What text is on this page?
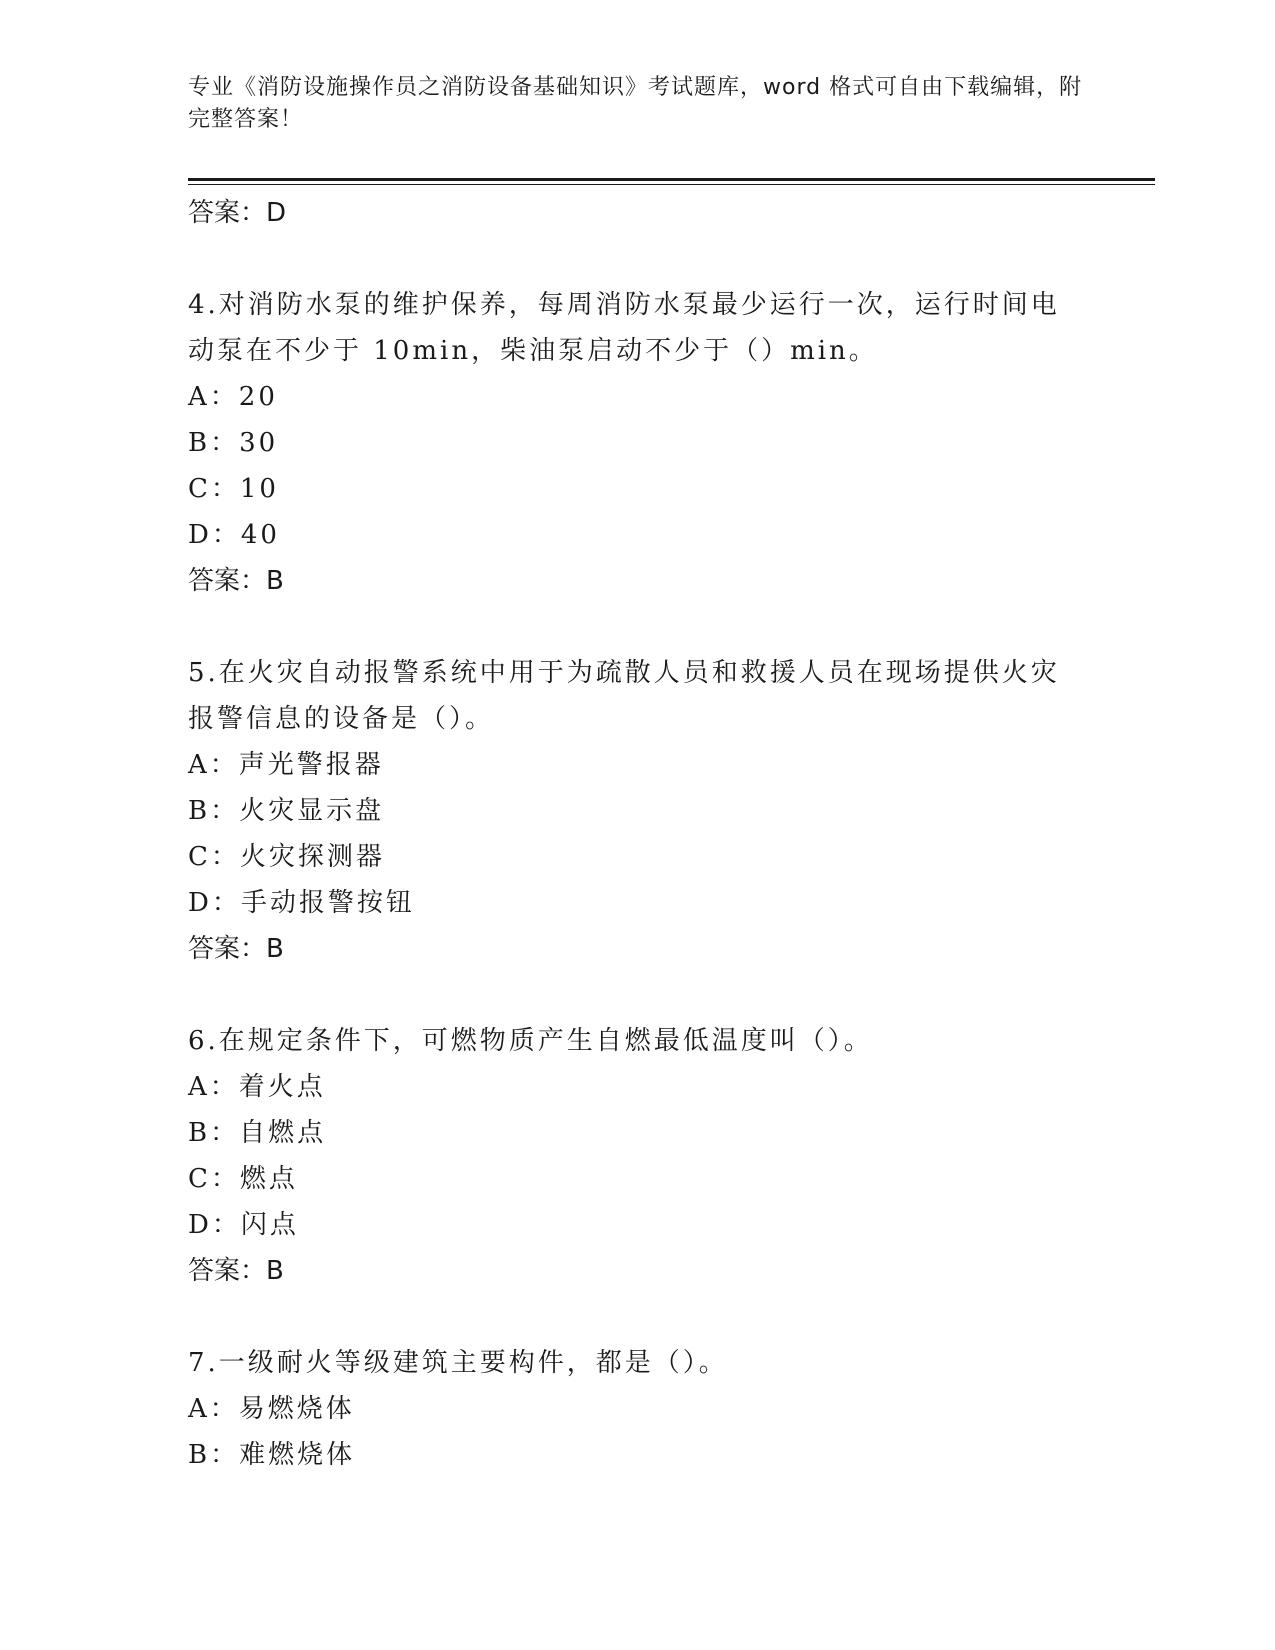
专业《消防设施操作员之消防设备基础知识》考试题库，word 格式可自由下载编辑，附完整答案！
答案：D
4.对消防水泵的维护保养，每周消防水泵最少运行一次，运行时间电动泵在不少于 10min，柴油泵启动不少于（）min。
A：20
B：30
C：10
D：40
答案：B
5.在火灾自动报警系统中用于为疏散人员和救援人员在现场提供火灾报警信息的设备是（）。
A：声光警报器
B：火灾显示盘
C：火灾探测器
D：手动报警按钮
答案：B
6.在规定条件下，可燃物质产生自燃最低温度叫（）。
A：着火点
B：自燃点
C：燃点
D：闪点
答案：B
7.一级耐火等级建筑主要构件，都是（）。
A：易燃烧体
B：难燃烧体
